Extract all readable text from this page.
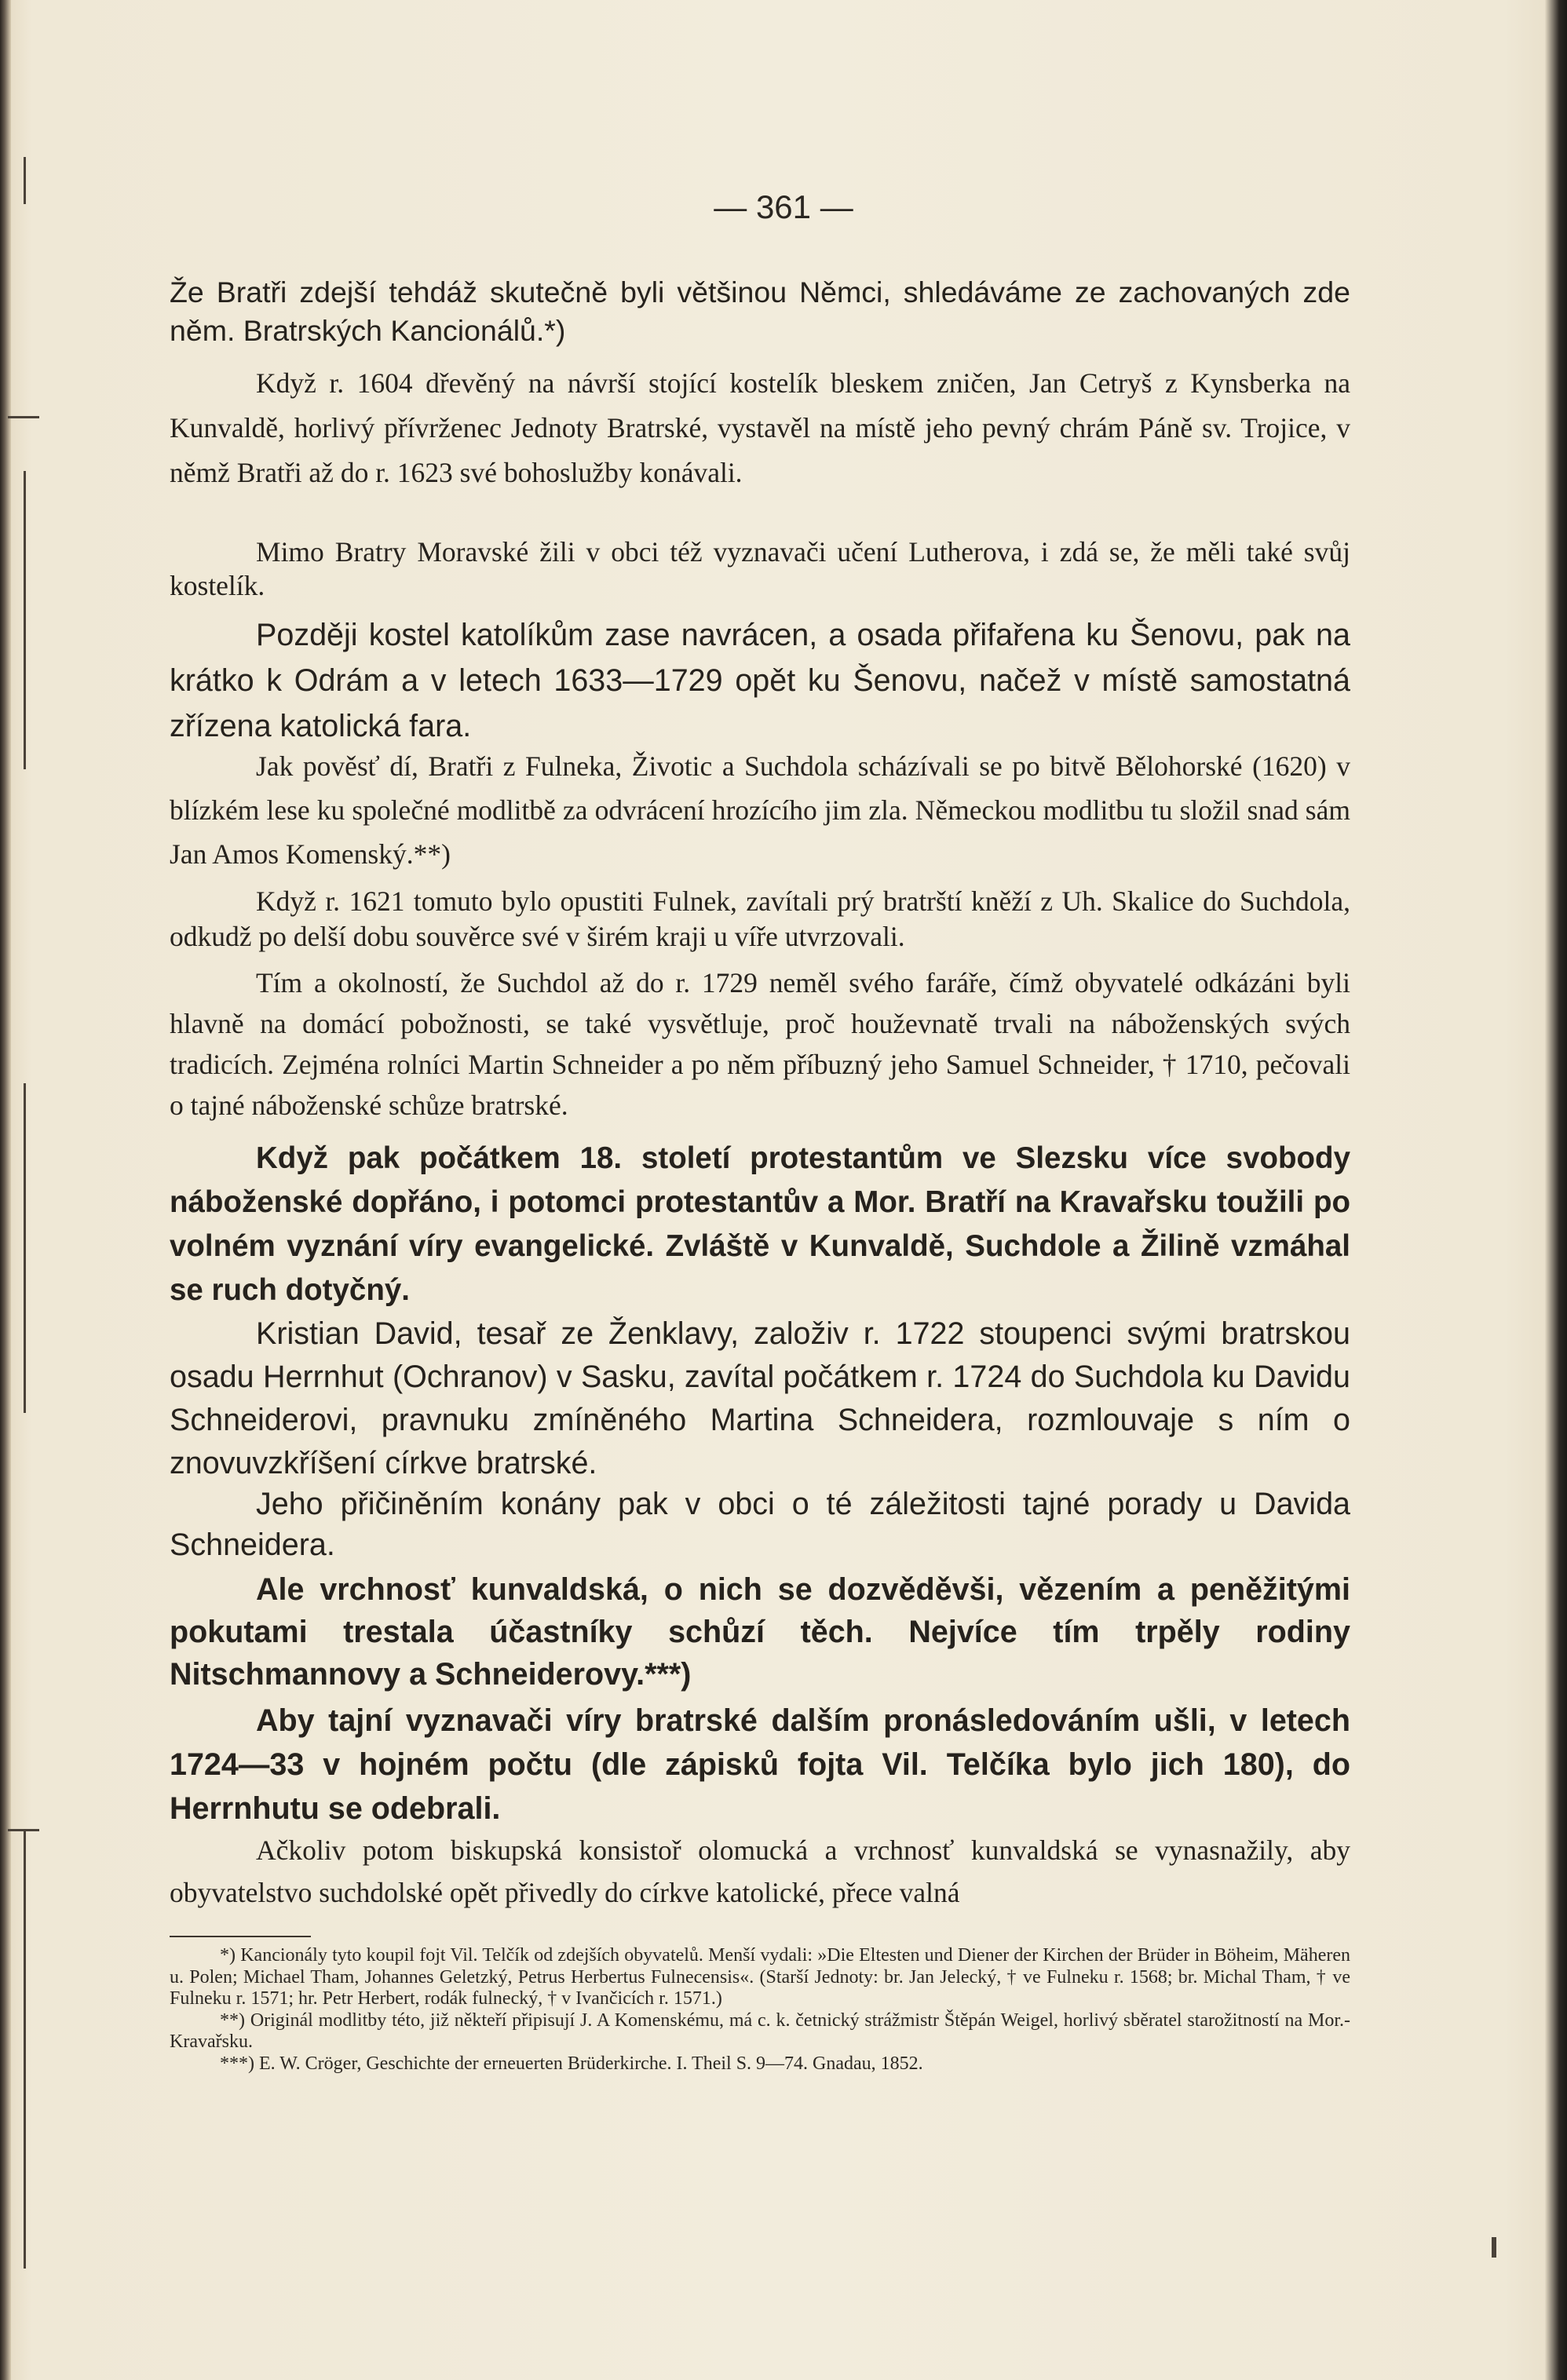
— 361 —

Že Bratři zdejší tehdáž skutečně byli většinou Němci, shledáváme ze zachovaných zde něm. Bratrských Kancionálů.*)

Když r. 1604 dřevěný na návrší stojící kostelík bleskem zničen, Jan Cetryš z Kynsberka na Kunvaldě, horlivý přívrženec Jednoty Bratrské, vystavěl na místě jeho pevný chrám Páně sv. Trojice, v němž Bratři až do r. 1623 své bohoslužby konávali.

Mimo Bratry Moravské žili v obci též vyznavači učení Lutherova, i zdá se, že měli také svůj kostelík.

Později kostel katolíkům zase navrácen, a osada přifařena ku Šenovu, pak na krátko k Odrám a v letech 1633—1729 opět ku Šenovu, načež v místě samostatná zřízena katolická fara.

Jak pověsť dí, Bratři z Fulneka, Životic a Suchdola scházívali se po bitvě Bělohorské (1620) v blízkém lese ku společné modlitbě za odvrácení hrozícího jim zla. Německou modlitbu tu složil snad sám Jan Amos Komenský.**)

Když r. 1621 tomuto bylo opustiti Fulnek, zavítali prý bratrští kněží z Uh. Skalice do Suchdola, odkudž po delší dobu souvěrce své v širém kraji u víře utvrzovali.

Tím a okolností, že Suchdol až do r. 1729 neměl svého faráře, čímž obyvatelé odkázáni byli hlavně na domácí pobožnosti, se také vysvětluje, proč houževnatě trvali na náboženských svých tradicích. Zejména rolníci Martin Schneider a po něm příbuzný jeho Samuel Schneider, † 1710, pečovali o tajné náboženské schůze bratrské.

Když pak počátkem 18. století protestantům ve Slezsku více svobody náboženské dopřáno, i potomci protestantův a Mor. Bratří na Kravařsku toužili po volném vyznání víry evangelické. Zvláště v Kunvaldě, Suchdole a Žilině vzmáhal se ruch dotyčný.

Kristian David, tesař ze Ženklavy, založiv r. 1722 stoupenci svými bratrskou osadu Herrnhut (Ochranov) v Sasku, zavítal počátkem r. 1724 do Suchdola ku Davidu Schneiderovi, pravnuku zmíněného Martina Schneidera, rozmlouvaje s ním o znovuvzkříšení církve bratrské.

Jeho přičiněním konány pak v obci o té záležitosti tajné porady u Davida Schneidera.

Ale vrchnosť kunvaldská, o nich se dozvěděvši, vězením a peněžitými pokutami trestala účastníky schůzí těch. Nejvíce tím trpěly rodiny Nitschmannovy a Schneiderovy.***)

Aby tajní vyznavači víry bratrské dalším pronásledováním ušli, v letech 1724—33 v hojném počtu (dle zápisků fojta Vil. Telčíka bylo jich 180), do Herrnhutu se odebrali.

Ačkoliv potom biskupská konsistoř olomucká a vrchnosť kunvaldská se vynasnažily, aby obyvatelstvo suchdolské opět přivedly do církve katolické, přece valná

*) Kancionály tyto koupil fojt Vil. Telčík od zdejších obyvatelů. Menší vydali: »Die Eltesten und Diener der Kirchen der Brüder in Böheim, Mäheren u. Polen; Michael Tham, Johannes Geletzký, Petrus Herbertus Fulnecensis«. (Starší Jednoty: br. Jan Jelecký, † ve Fulneku r. 1568; br. Michal Tham, † ve Fulneku r. 1571; hr. Petr Herbert, rodák fulnecký, † v Ivančicích r. 1571.)

**) Originál modlitby této, již někteří připisují J. A Komenskému, má c. k. četnický strážmistr Štěpán Weigel, horlivý sběratel starožitností na Mor.-Kravařsku.

***) E. W. Cröger, Geschichte der erneuerten Brüderkirche. I. Theil S. 9—74. Gnadau, 1852.
